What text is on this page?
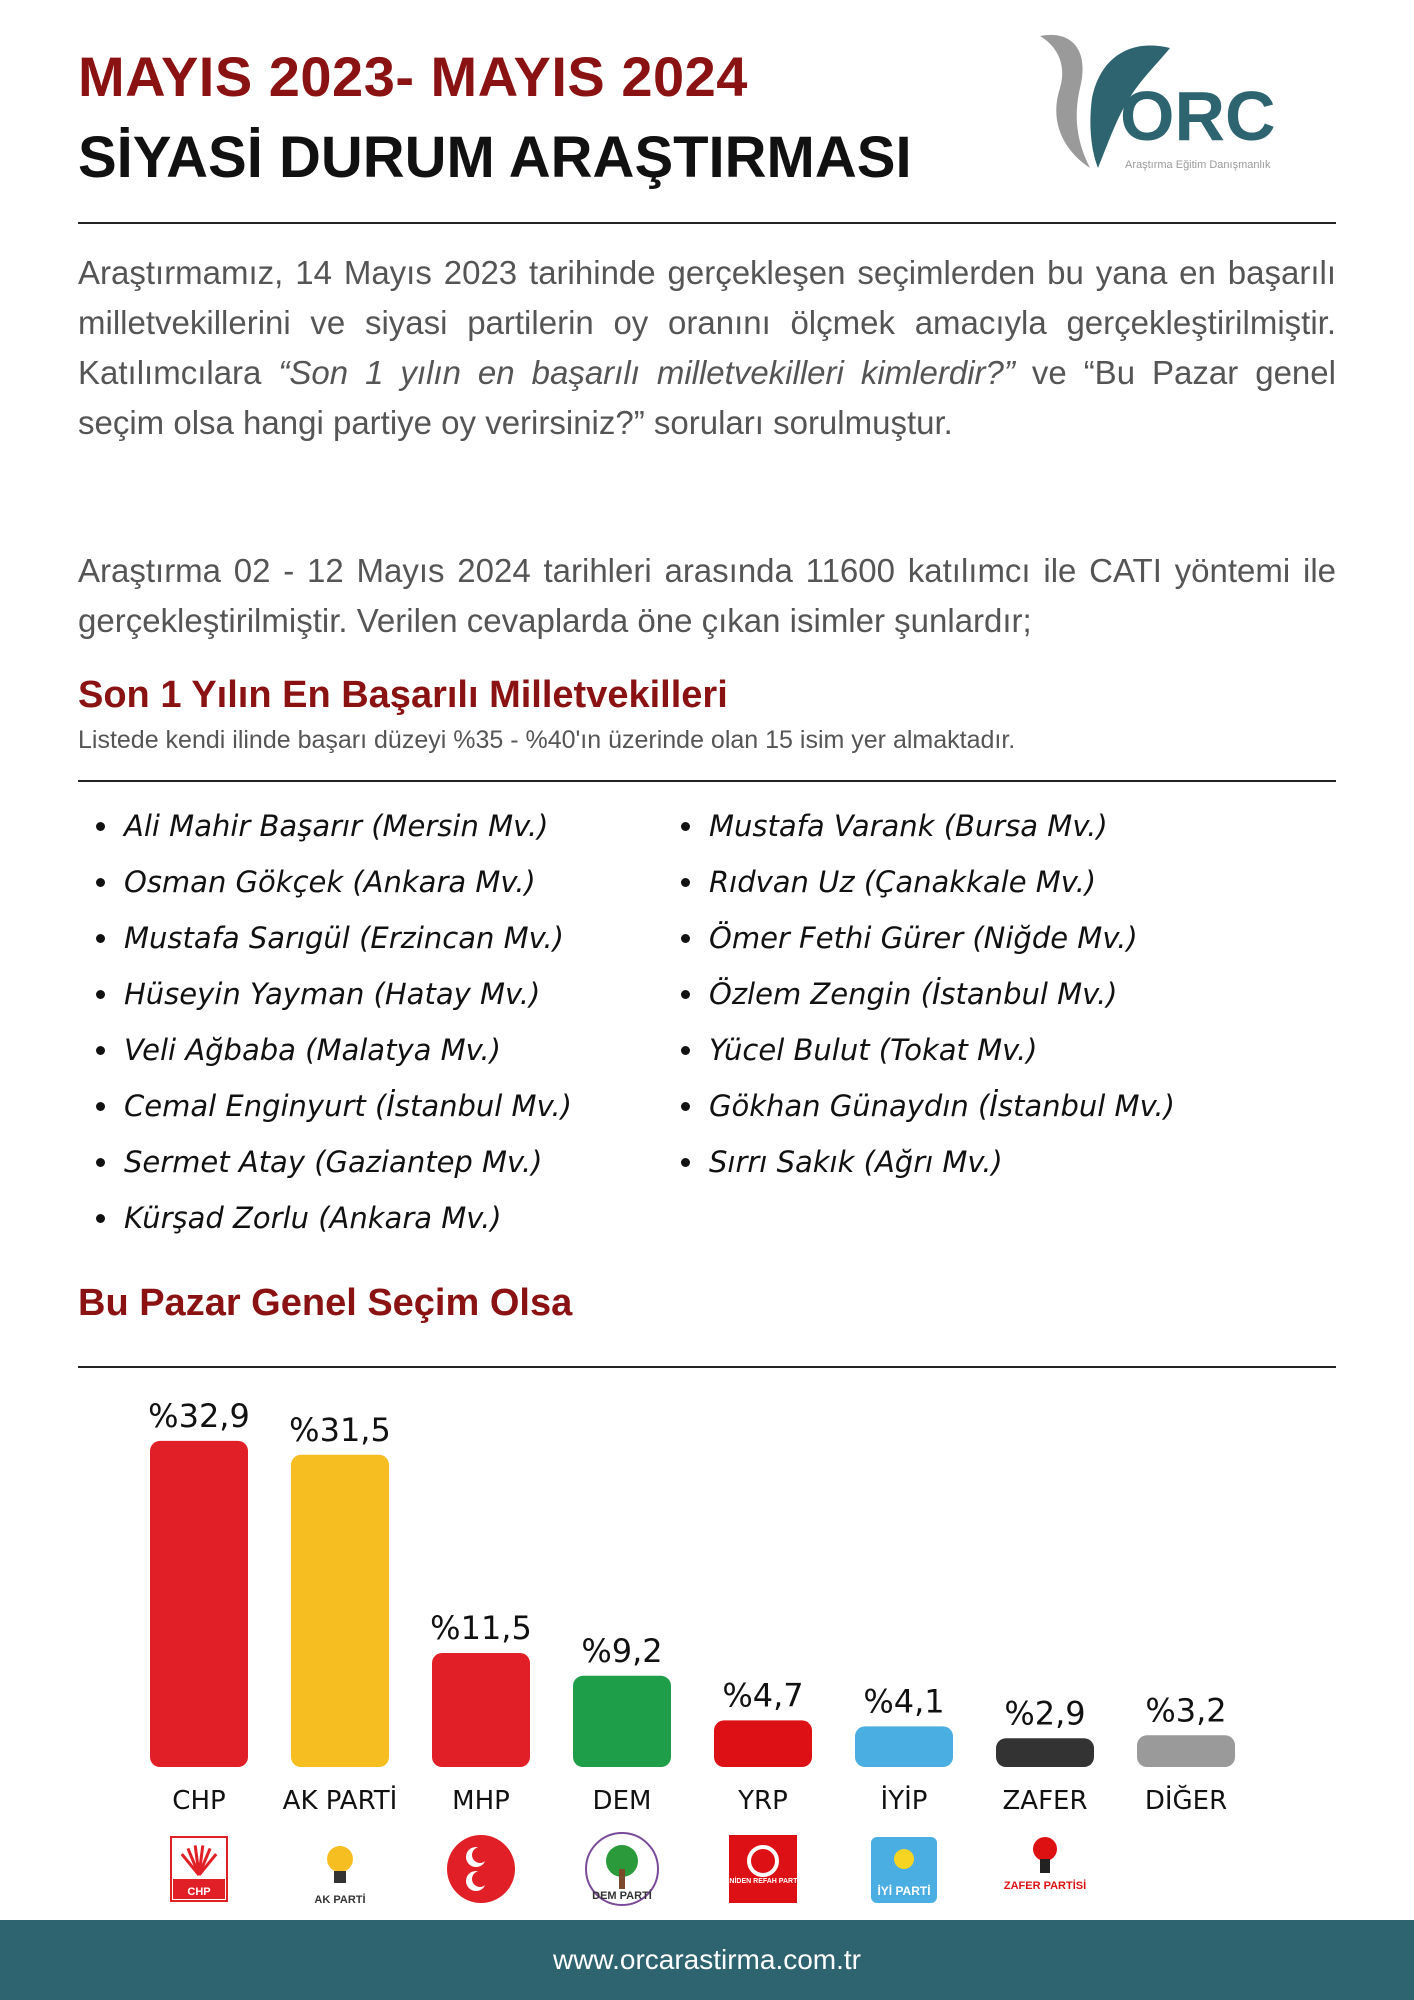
MAYIS 2023- MAYIS 2024
SİYASİ DURUM ARAŞTIRMASI
ORC
Araştırma Eğitim Danışmanlık

Araştırmamız, 14 Mayıs 2023 tarihinde gerçekleşen seçimlerden bu yana en başarılı milletvekillerini ve siyasi partilerin oy oranını ölçmek amacıyla gerçekleştirilmiştir. Katılımcılara “Son 1 yılın en başarılı milletvekilleri kimlerdir?” ve “Bu Pazar genel seçim olsa hangi partiye oy verirsiniz?” soruları sorulmuştur.

Araştırma 02 - 12 Mayıs 2024 tarihleri arasında 11600 katılımcı ile CATI yöntemi ile gerçekleştirilmiştir. Verilen cevaplarda öne çıkan isimler şunlardır;

Son 1 Yılın En Başarılı Milletvekilleri
Listede kendi ilinde başarı düzeyi %35 - %40'ın üzerinde olan 15 isim yer almaktadır.
Ali Mahir Başarır (Mersin Mv.)
Osman Gökçek (Ankara Mv.)
Mustafa Sarıgül (Erzincan Mv.)
Hüseyin Yayman (Hatay Mv.)
Veli Ağbaba (Malatya Mv.)
Cemal Enginyurt (İstanbul Mv.)
Sermet Atay (Gaziantep Mv.)
Kürşad Zorlu (Ankara Mv.)
Mustafa Varank (Bursa Mv.)
Rıdvan Uz (Çanakkale Mv.)
Ömer Fethi Gürer (Niğde Mv.)
Özlem Zengin (İstanbul Mv.)
Yücel Bulut (Tokat Mv.)
Gökhan Günaydın (İstanbul Mv.)
Sırrı Sakık (Ağrı Mv.)
Bu Pazar Genel Seçim Olsa
%32,9
CHP
CHP
%31,5
AK PARTİ
AK PARTİ
%11,5
MHP
%9,2
DEM
DEM PARTİ
%4,7
YRP
YENİDEN REFAH PARTİSİ
%4,1
İYİP
İYİ PARTİ
%2,9
ZAFER
ZAFER PARTİSİ
%3,2
DİĞER
www.orcarastirma.com.tr
